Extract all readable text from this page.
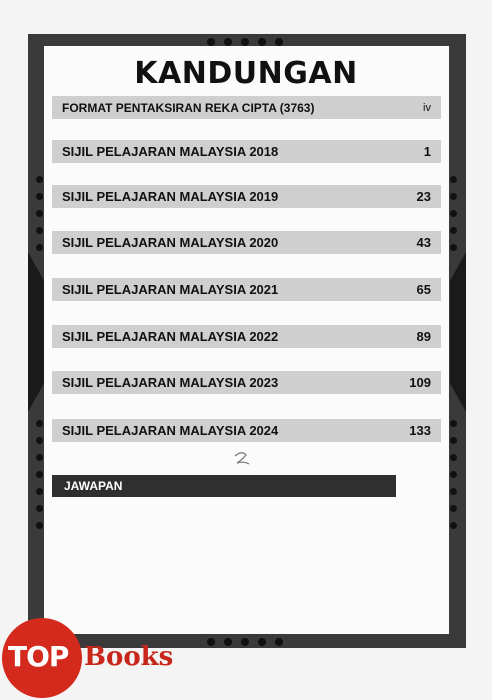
KANDUNGAN
FORMAT PENTAKSIRAN REKA CIPTA (3763)	iv
SIJIL PELAJARAN MALAYSIA 2018	1
SIJIL PELAJARAN MALAYSIA 2019	23
SIJIL PELAJARAN MALAYSIA 2020	43
SIJIL PELAJARAN MALAYSIA 2021	65
SIJIL PELAJARAN MALAYSIA 2022	89
SIJIL PELAJARAN MALAYSIA 2023	109
SIJIL PELAJARAN MALAYSIA 2024	133
JAWAPAN
TOP Books
